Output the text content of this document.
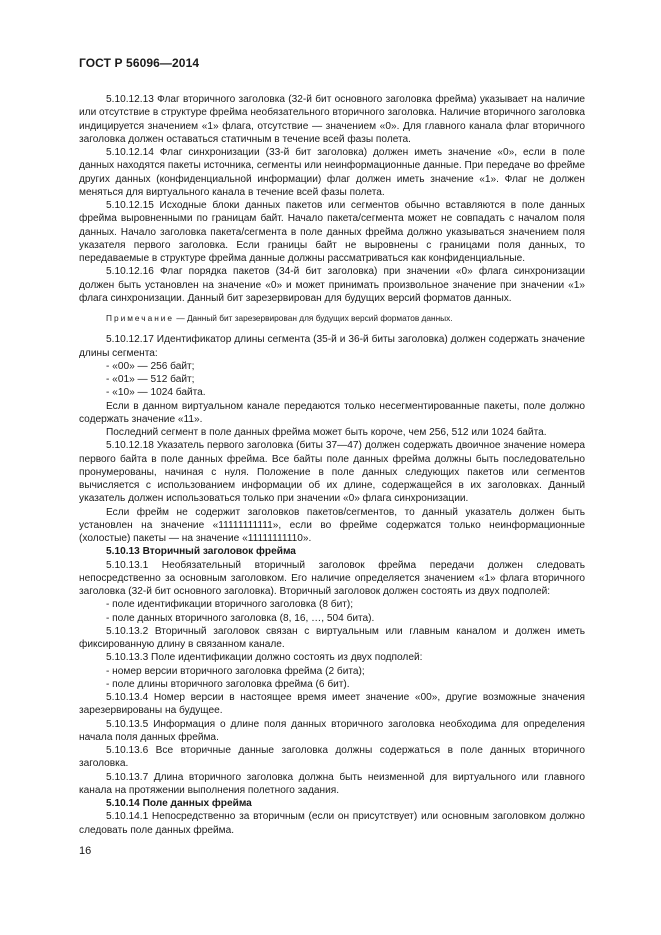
ГОСТ Р 56096—2014

5.10.12.13 Флаг вторичного заголовка (32-й бит основного заголовка фрейма) указывает на наличие или отсутствие в структуре фрейма необязательного вторичного заголовка. Наличие вторичного заголовка индицируется значением «1» флага, отсутствие — значением «0». Для главного канала флаг вторичного заголовка должен оставаться статичным в течение всей фазы полета.

5.10.12.14 Флаг синхронизации (33-й бит заголовка) должен иметь значение «0», если в поле данных находятся пакеты источника, сегменты или неинформационные данные. При передаче во фрейме других данных (конфиденциальной информации) флаг должен иметь значение «1». Флаг не должен меняться для виртуального канала в течение всей фазы полета.

5.10.12.15 Исходные блоки данных пакетов или сегментов обычно вставляются в поле данных фрейма выровненными по границам байт. Начало пакета/сегмента может не совпадать с началом поля данных. Начало заголовка пакета/сегмента в поле данных фрейма должно указываться значением поля указателя первого заголовка. Если границы байт не выровнены с границами поля данных, то передаваемые в структуре фрейма данные должны рассматриваться как конфиденциальные.

5.10.12.16 Флаг порядка пакетов (34-й бит заголовка) при значении «0» флага синхронизации должен быть установлен на значение «0» и может принимать произвольное значение при значении «1» флага синхронизации. Данный бит зарезервирован для будущих версий форматов данных.

Примечание — Данный бит зарезервирован для будущих версий форматов данных.

5.10.12.17 Идентификатор длины сегмента (35-й и 36-й биты заголовка) должен содержать значение длины сегмента:

- «00» — 256 байт;

- «01» — 512 байт;

- «10» — 1024 байта.

Если в данном виртуальном канале передаются только несегментированные пакеты, поле должно содержать значение «11».

Последний сегмент в поле данных фрейма может быть короче, чем 256, 512 или 1024 байта.

5.10.12.18 Указатель первого заголовка (биты 37—47) должен содержать двоичное значение номера первого байта в поле данных фрейма. Все байты поле данных фрейма должны быть последовательно пронумерованы, начиная с нуля. Положение в поле данных следующих пакетов или сегментов вычисляется с использованием информации об их длине, содержащейся в их заголовках. Данный указатель должен использоваться только при значении «0» флага синхронизации.

Если фрейм не содержит заголовков пакетов/сегментов, то данный указатель должен быть установлен на значение «11111111111», если во фрейме содержатся только неинформационные (холостые) пакеты — на значение «11111111110».

5.10.13 Вторичный заголовок фрейма

5.10.13.1 Необязательный вторичный заголовок фрейма передачи должен следовать непосредственно за основным заголовком. Его наличие определяется значением «1» флага вторичного заголовка (32-й бит основного заголовка). Вторичный заголовок должен состоять из двух подполей:

- поле идентификации вторичного заголовка (8 бит);

- поле данных вторичного заголовка (8, 16, …, 504 бита).

5.10.13.2 Вторичный заголовок связан с виртуальным или главным каналом и должен иметь фиксированную длину в связанном канале.

5.10.13.3 Поле идентификации должно состоять из двух подполей:

- номер версии вторичного заголовка фрейма (2 бита);

- поле длины вторичного заголовка фрейма (6 бит).

5.10.13.4 Номер версии в настоящее время имеет значение «00», другие возможные значения зарезервированы на будущее.

5.10.13.5 Информация о длине поля данных вторичного заголовка необходима для определения начала поля данных фрейма.

5.10.13.6 Все вторичные данные заголовка должны содержаться в поле данных вторичного заголовка.

5.10.13.7 Длина вторичного заголовка должна быть неизменной для виртуального или главного канала на протяжении выполнения полетного задания.

5.10.14 Поле данных фрейма

5.10.14.1 Непосредственно за вторичным (если он присутствует) или основным заголовком должно следовать поле данных фрейма.

16
